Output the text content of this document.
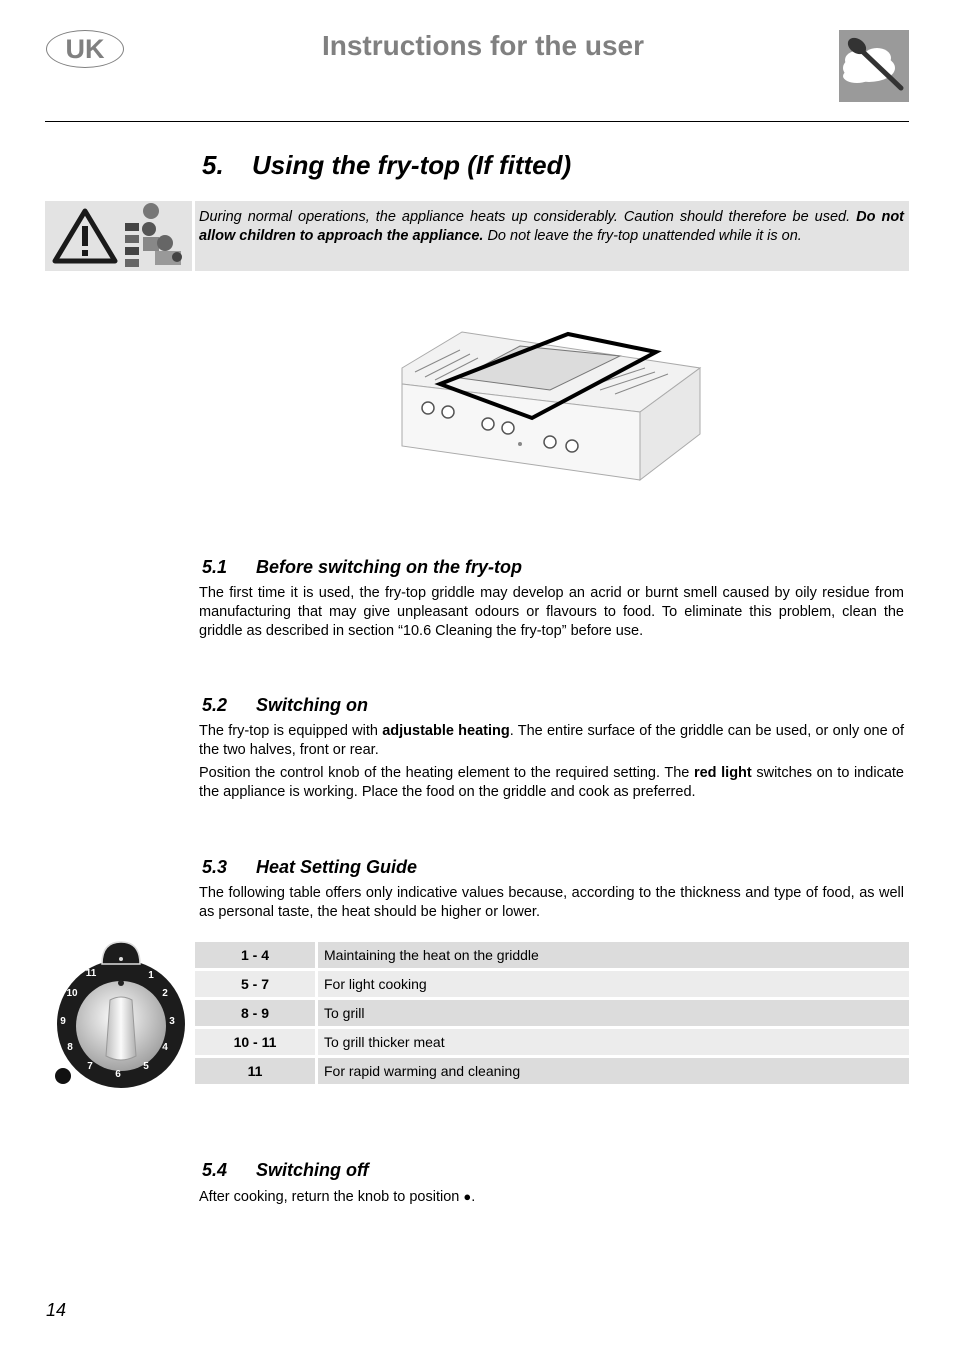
UK	Instructions for the user
5. Using the fry-top (If fitted)
During normal operations, the appliance heats up considerably. Caution should therefore be used. Do not allow children to approach the appliance. Do not leave the fry-top unattended while it is on.
5.1 Before switching on the fry-top
The first time it is used, the fry-top griddle may develop an acrid or burnt smell caused by oily residue from manufacturing that may give unpleasant odours or flavours to food. To eliminate this problem, clean the griddle as described in section “10.6 Cleaning the fry-top” before use.
5.2 Switching on
The fry-top is equipped with adjustable heating. The entire surface of the griddle can be used, or only one of the two halves, front or rear.
Position the control knob of the heating element to the required setting. The red light switches on to indicate the appliance is working. Place the food on the griddle and cook as preferred.
5.3 Heat Setting Guide
The following table offers only indicative values because, according to the thickness and type of food, as well as personal taste, the heat should be higher or lower.
1
2
3
4
5
6
7
8
9
10
11
1 - 4	Maintaining the heat on the griddle
5 - 7	For light cooking
8 - 9	To grill
10 - 11	To grill thicker meat
11	For rapid warming and cleaning
5.4 Switching off
After cooking, return the knob to position ●.
14
